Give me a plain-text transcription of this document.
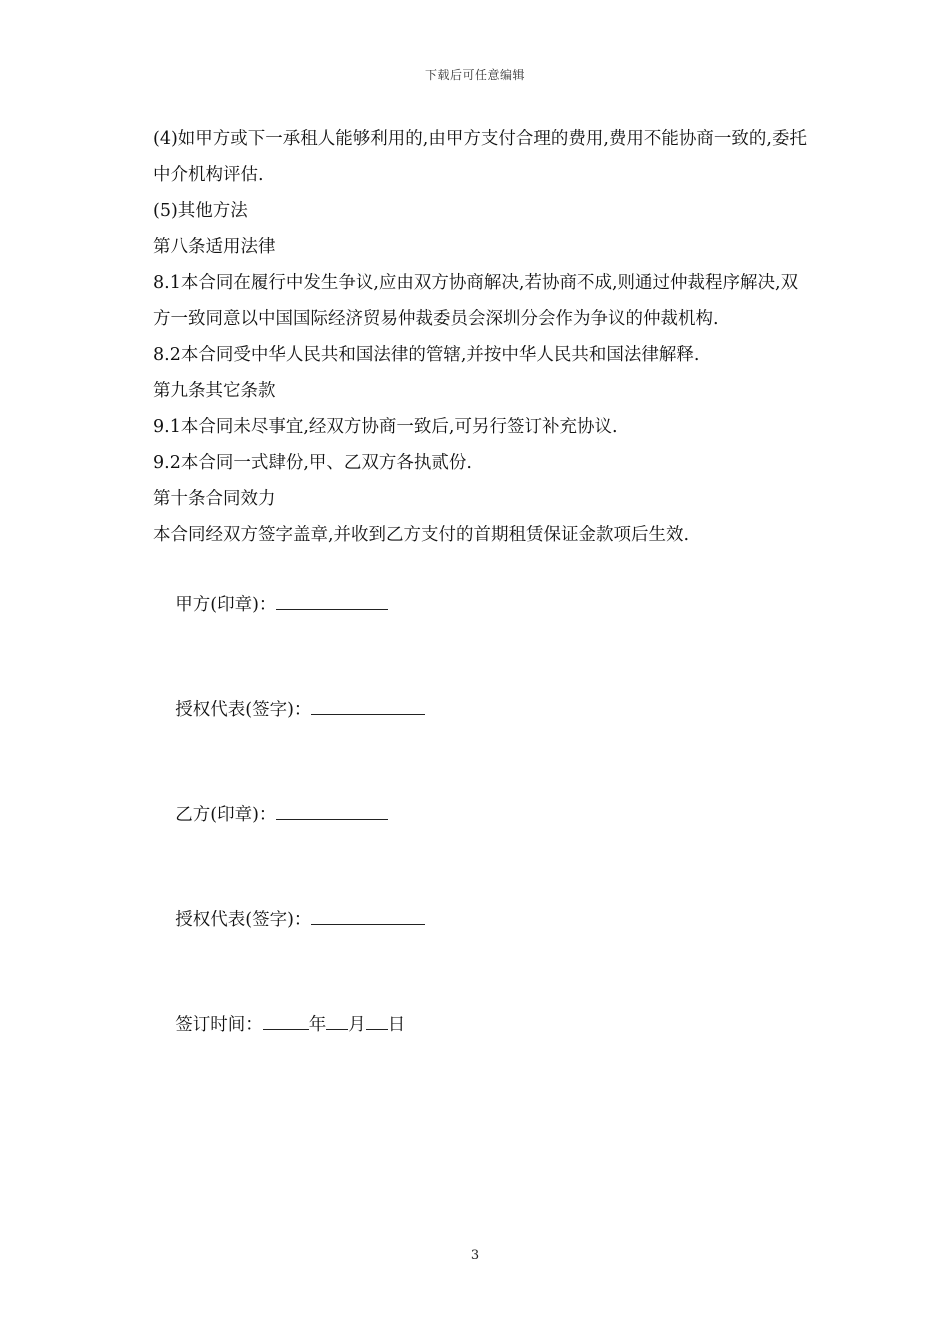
下载后可任意编辑

(4)如甲方或下一承租人能够利用的,由甲方支付合理的费用,费用不能协商一致的,委托中介机构评估.

(5)其他方法

第八条适用法律

8.1本合同在履行中发生争议,应由双方协商解决,若协商不成,则通过仲裁程序解决,双方一致同意以中国国际经济贸易仲裁委员会深圳分会作为争议的仲裁机构.

8.2本合同受中华人民共和国法律的管辖,并按中华人民共和国法律解释.

第九条其它条款

9.1本合同未尽事宜,经双方协商一致后,可另行签订补充协议.

9.2本合同一式肆份,甲、乙双方各执贰份.

第十条合同效力

本合同经双方签字盖章,并收到乙方支付的首期租赁保证金款项后生效.

甲方(印章)：

授权代表(签字)：

乙方(印章)：

授权代表(签字)：

签订时间：	年 月 日

3
